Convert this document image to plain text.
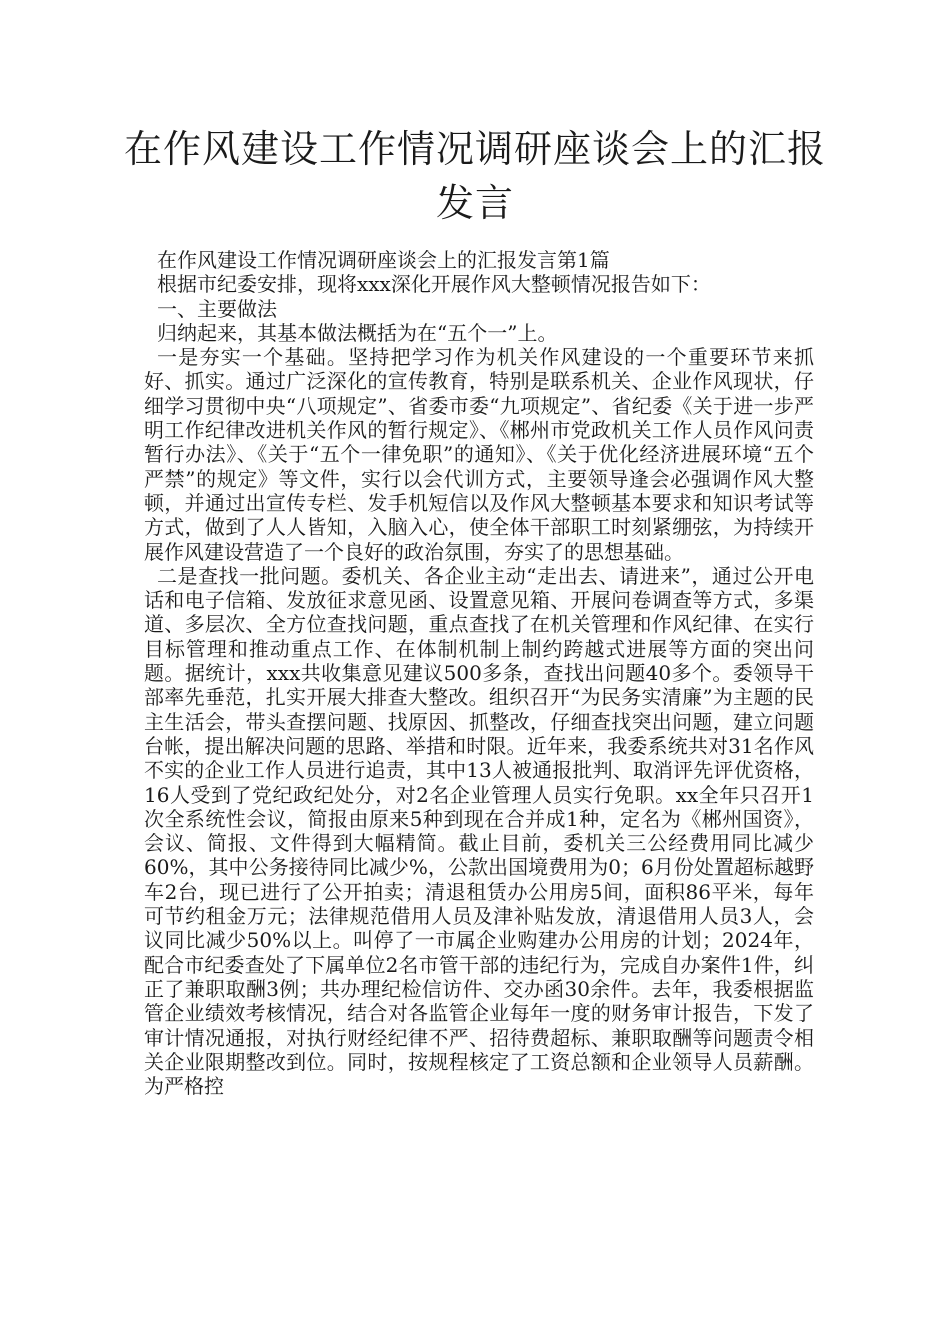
在作风建设工作情况调研座谈会上的汇报发言

在作风建设工作情况调研座谈会上的汇报发言第1篇

根据市纪委安排，现将xxx深化开展作风大整顿情况报告如下：

一、主要做法

归纳起来，其基本做法概括为在“五个一”上。

一是夯实一个基础。坚持把学习作为机关作风建设的一个重要环节来抓好、抓实。通过广泛深化的宣传教育，特别是联系机关、企业作风现状，仔细学习贯彻中央“八项规定”、省委市委“九项规定”、省纪委《关于进一步严明工作纪律改进机关作风的暂行规定》、《郴州市党政机关工作人员作风问责暂行办法》、《关于“五个一律免职”的通知》、《关于优化经济进展环境“五个严禁”的规定》等文件，实行以会代训方式，主要领导逢会必强调作风大整顿，并通过出宣传专栏、发手机短信以及作风大整顿基本要求和知识考试等方式，做到了人人皆知，入脑入心，使全体干部职工时刻紧绷弦，为持续开展作风建设营造了一个良好的政治氛围，夯实了的思想基础。

二是查找一批问题。委机关、各企业主动“走出去、请进来”，通过公开电话和电子信箱、发放征求意见函、设置意见箱、开展问卷调查等方式，多渠道、多层次、全方位查找问题，重点查找了在机关管理和作风纪律、在实行目标管理和推动重点工作、在体制机制上制约跨越式进展等方面的突出问题。据统计，xxx共收集意见建议500多条，查找出问题40多个。委领导干部率先垂范，扎实开展大排查大整改。组织召开“为民务实清廉”为主题的民主生活会，带头查摆问题、找原因、抓整改，仔细查找突出问题，建立问题台帐，提出解决问题的思路、举措和时限。近年来，我委系统共对31名作风不实的企业工作人员进行追责，其中13人被通报批判、取消评先评优资格，16人受到了党纪政纪处分，对2名企业管理人员实行免职。xx全年只召开1次全系统性会议，简报由原来5种到现在合并成1种，定名为《郴州国资》，会议、简报、文件得到大幅精简。截止目前，委机关三公经费用同比减少60%，其中公务接待同比减少%，公款出国境费用为0；6月份处置超标越野车2台，现已进行了公开拍卖；清退租赁办公用房5间，面积86平米，每年可节约租金万元；法律规范借用人员及津补贴发放，清退借用人员3人，会议同比减少50%以上。叫停了一市属企业购建办公用房的计划；2024年，配合市纪委查处了下属单位2名市管干部的违纪行为，完成自办案件1件，纠正了兼职取酬3例；共办理纪检信访件、交办函30余件。去年，我委根据监管企业绩效考核情况，结合对各监管企业每年一度的财务审计报告，下发了审计情况通报，对执行财经纪律不严、招待费超标、兼职取酬等问题责令相关企业限期整改到位。同时，按规程核定了工资总额和企业领导人员薪酬。为严格控
